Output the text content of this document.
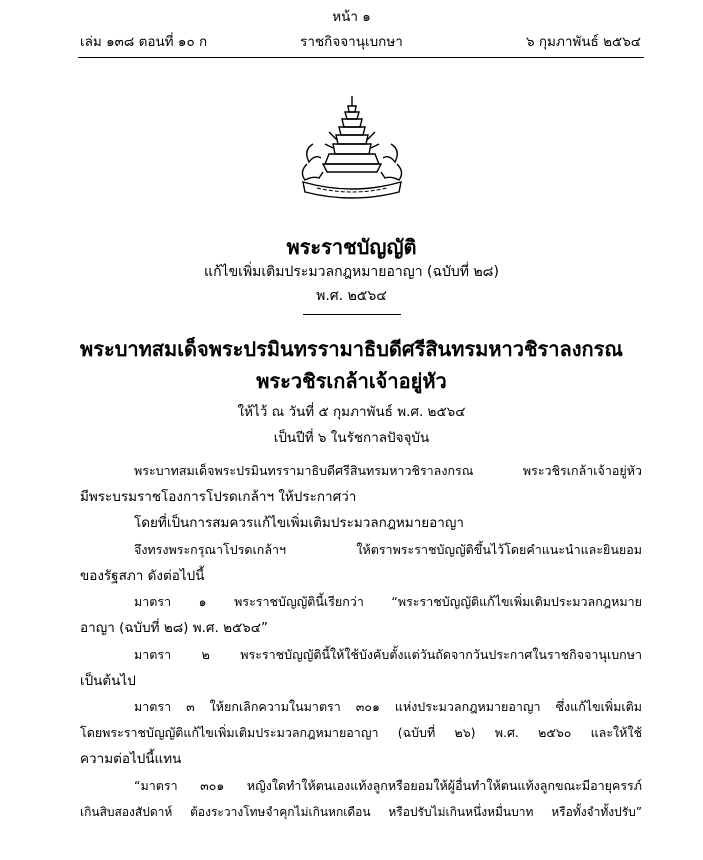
หน้า ๑
เล่ม ๑๓๘ ตอนที่ ๑๐ ก	ราชกิจจานุเบกษา	๖ กุมภาพันธ์ ๒๕๖๔
พระราชบัญญัติ
แก้ไขเพิ่มเติมประมวลกฎหมายอาญา (ฉบับที่ ๒๘)
พ.ศ. ๒๕๖๔
พระบาทสมเด็จพระปรมินทรรามาธิบดีศรีสินทรมหาวชิราลงกรณ
พระวชิรเกล้าเจ้าอยู่หัว
ให้ไว้ ณ วันที่ ๕ กุมภาพันธ์ พ.ศ. ๒๕๖๔
เป็นปีที่ ๖ ในรัชกาลปัจจุบัน
พระบาทสมเด็จพระปรมินทรรามาธิบดีศรีสินทรมหาวชิราลงกรณ พระวชิรเกล้าเจ้าอยู่หัว
มีพระบรมราชโองการโปรดเกล้าฯ ให้ประกาศว่า
โดยที่เป็นการสมควรแก้ไขเพิ่มเติมประมวลกฎหมายอาญา
จึงทรงพระกรุณาโปรดเกล้าฯ ให้ตราพระราชบัญญัติขึ้นไว้โดยคำแนะนำและยินยอม
ของรัฐสภา ดังต่อไปนี้
มาตรา ๑ พระราชบัญญัตินี้เรียกว่า “พระราชบัญญัติแก้ไขเพิ่มเติมประมวลกฎหมาย
อาญา (ฉบับที่ ๒๘) พ.ศ. ๒๕๖๔”
มาตรา ๒ พระราชบัญญัตินี้ให้ใช้บังคับตั้งแต่วันถัดจากวันประกาศในราชกิจจานุเบกษา
เป็นต้นไป
มาตรา ๓ ให้ยกเลิกความในมาตรา ๓๐๑ แห่งประมวลกฎหมายอาญา ซึ่งแก้ไขเพิ่มเติม
โดยพระราชบัญญัติแก้ไขเพิ่มเติมประมวลกฎหมายอาญา (ฉบับที่ ๒๖) พ.ศ. ๒๕๖๐ และให้ใช้
ความต่อไปนี้แทน
“มาตรา ๓๐๑ หญิงใดทำให้ตนเองแท้งลูกหรือยอมให้ผู้อื่นทำให้ตนแท้งลูกขณะมีอายุครรภ์
เกินสิบสองสัปดาห์ ต้องระวางโทษจำคุกไม่เกินหกเดือน หรือปรับไม่เกินหนึ่งหมื่นบาท หรือทั้งจำทั้งปรับ”
